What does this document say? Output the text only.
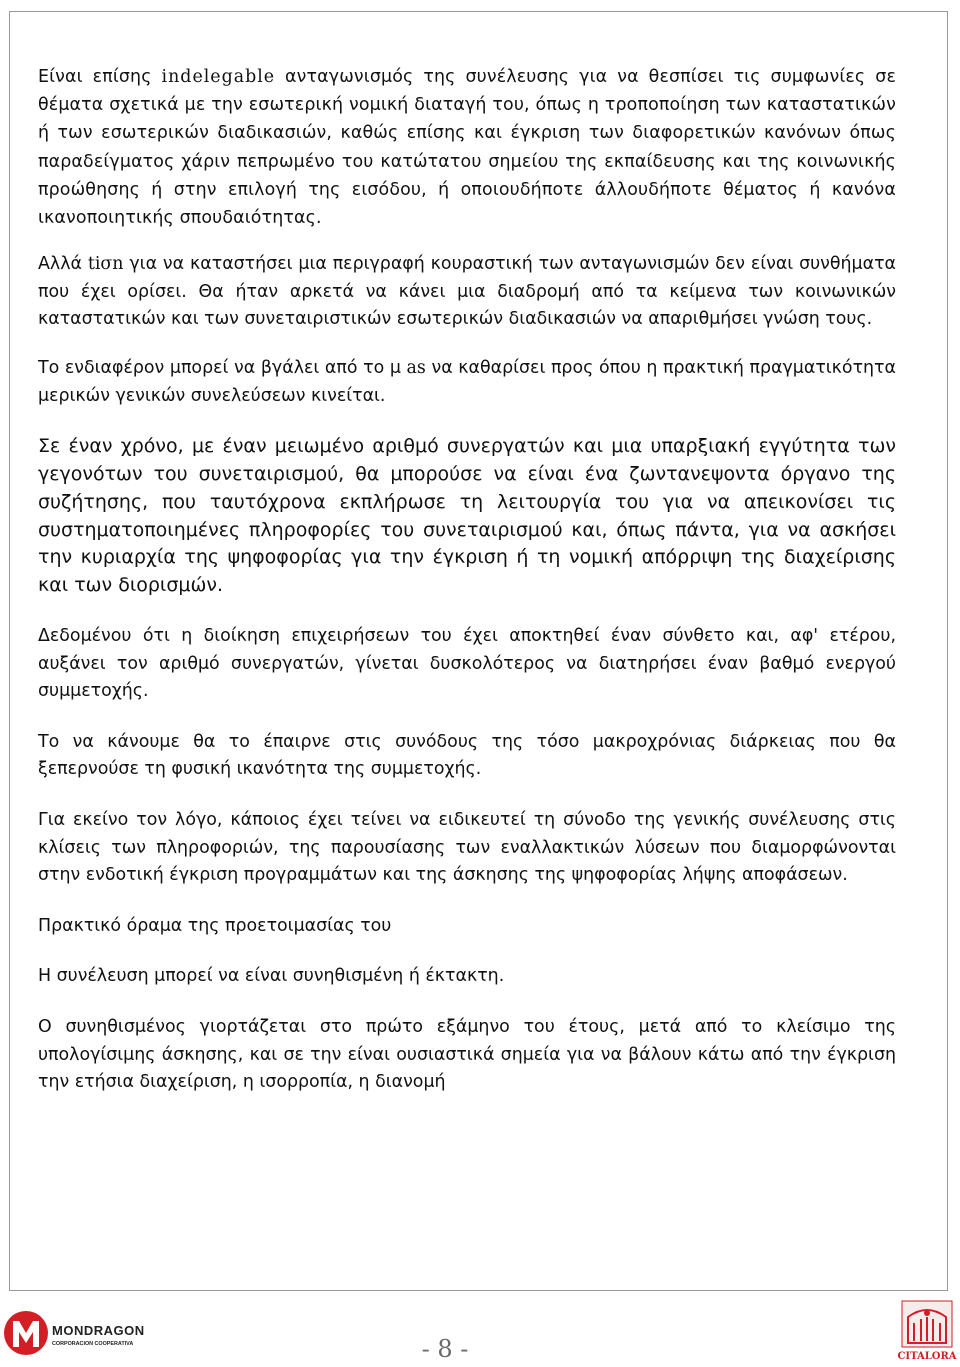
Είναι επίσης indelegable ανταγωνισμός της συνέλευσης για να θεσπίσει τις συμφωνίες σε θέματα σχετικά με την εσωτερική νομική διαταγή του, όπως η τροποποίηση των καταστατικών ή των εσωτερικών διαδικασιών, καθώς επίσης και έγκριση των διαφορετικών κανόνων όπως παραδείγματος χάριν πεπρωμένο του κατώτατου σημείου της εκπαίδευσης και της κοινωνικής προώθησης ή στην επιλογή της εισόδου, ή οποιουδήποτε άλλουδήποτε θέματος ή κανόνα ικανοποιητικής σπουδαιότητας.

Αλλά tiσn για να καταστήσει μια περιγραφή κουραστική των ανταγωνισμών δεν είναι συνθήματα που έχει ορίσει. Θα ήταν αρκετά να κάνει μια διαδρομή από τα κείμενα των κοινωνικών καταστατικών και των συνεταιριστικών εσωτερικών διαδικασιών να απαριθμήσει γνώση τους.

Το ενδιαφέρον μπορεί να βγάλει από το μ as να καθαρίσει προς όπου η πρακτική πραγματικότητα μερικών γενικών συνελεύσεων κινείται.

Σε έναν χρόνο, με έναν μειωμένο αριθμό συνεργατών και μια υπαρξιακή εγγύτητα των γεγονότων του συνεταιρισμού, θα μπορούσε να είναι ένα ζωντανεψοντα όργανο της συζήτησης, που ταυτόχρονα εκπλήρωσε τη λειτουργία του για να απεικονίσει τις συστηματοποιημένες πληροφορίες του συνεταιρισμού και, όπως πάντα, για να ασκήσει την κυριαρχία της ψηφοφορίας για την έγκριση ή τη νομική απόρριψη της διαχείρισης και των διορισμών.

Δεδομένου ότι η διοίκηση επιχειρήσεων του έχει αποκτηθεί έναν σύνθετο και, αφ' ετέρου, αυξάνει τον αριθμό συνεργατών, γίνεται δυσκολότερος να διατηρήσει έναν βαθμό ενεργού συμμετοχής.

Το να κάνουμε θα το έπαιρνε στις συνόδους της τόσο μακροχρόνιας διάρκειας που θα ξεπερνούσε τη φυσική ικανότητα της συμμετοχής.

Για εκείνο τον λόγο, κάποιος έχει τείνει να ειδικευτεί τη σύνοδο της γενικής συνέλευσης στις κλίσεις των πληροφοριών, της παρουσίασης των εναλλακτικών λύσεων που διαμορφώνονται στην ενδοτική έγκριση προγραμμάτων και της άσκησης της ψηφοφορίας λήψης αποφάσεων.

Πρακτικό όραμα της προετοιμασίας του

Η συνέλευση μπορεί να είναι συνηθισμένη ή έκτακτη.

Ο συνηθισμένος γιορτάζεται στο πρώτο εξάμηνο του έτους, μετά από το κλείσιμο της υπολογίσιμης άσκησης, και σε την είναι ουσιαστικά σημεία για να βάλουν κάτω από την έγκριση την ετήσια διαχείριση, η ισορροπία, η διανομή

MONDRAGON
CORPORACION COOPERATIVA	- 8 -	CITALORA
